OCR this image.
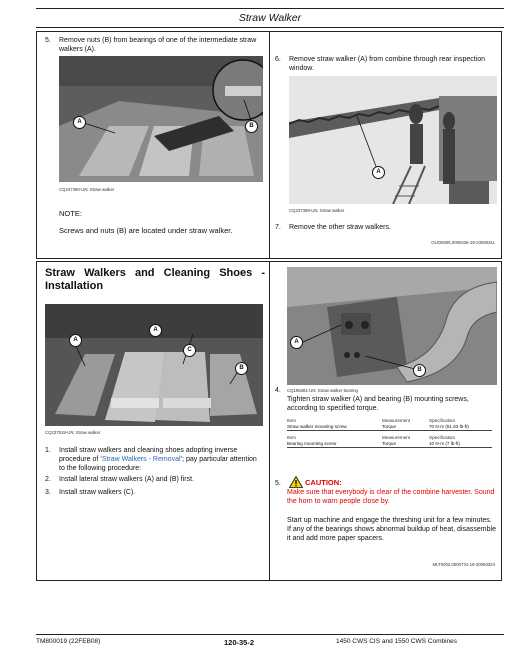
Straw Walker
5. Remove nuts (B) from bearings of one of the intermediate straw walkers (A).
A
B
CQ237390-UN: Straw walker
NOTE:
Screws and nuts (B) are located under straw walker.
6. Remove straw walker (A) from combine through rear inspection window.
A
CQ237389-UN: Straw walker
7. Remove the other straw walkers.
OUO6006,0000436-19-23050311
Straw Walkers and Cleaning Shoes - Installation
A
A
C
B
CQ237519-UN: Straw walker
1. Install straw walkers and cleaning shoes adopting inverse procedure of ‘Straw Walkers - Removal’; pay particular attention to the following procedure:
2. Install lateral straw walkers (A) and (B) first.
3. Install straw walkers (C).
A
B
4. CQ195381-UN: Straw walker bearing
Tighten straw walker (A) and bearing (B) mounting screws, according to specified torque.
Item	Measurement	Specification
Straw walker mounting screw	Torque	70 N·m (51.63 lb-ft)
Item	Measurement	Specification
Bearing mounting screw	Torque	10 N·m (7 lb-ft)
5.	CAUTION:
Make sure that everybody is clear of the combine harvester. Sound the horn to warn people close by.
Start up machine and engage the threshing unit for a few minutes. If any of the bearings shows abnormal buildup of heat, disassemble it and add more paper spacers.
MLT0002,0000731-19-20050324
TM800019 (22FEB08)	120-35-2	1450 CWS CIS and 1550 CWS Combines
